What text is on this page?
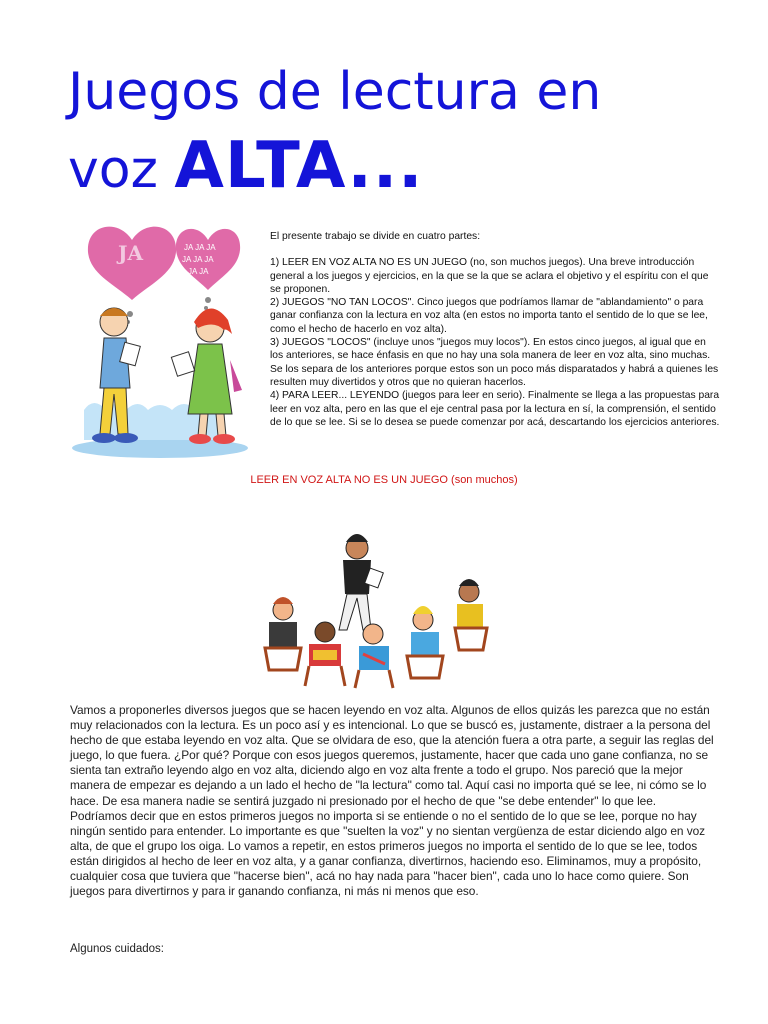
Juegos de lectura en
voz ALTA...
JA	JA JA JA
JA JA JA
JA JA

El presente trabajo se divide en cuatro partes:

1) LEER EN VOZ ALTA NO ES UN JUEGO (no, son muchos juegos). Una breve introducción general a los juegos y ejercicios, en la que se la que se aclara el objetivo y el espíritu con el que se proponen.

2) JUEGOS "NO TAN LOCOS". Cinco juegos que podríamos llamar de "ablandamiento" o para ganar confianza con la lectura en voz alta (en estos no importa tanto el sentido de lo que se lee, como el hecho de hacerlo en voz alta).

3) JUEGOS "LOCOS" (incluye unos "juegos muy locos"). En estos cinco juegos, al igual que en los anteriores, se hace énfasis en que no hay una sola manera de leer en voz alta, sino muchas. Se los separa de los anteriores porque estos son un poco más disparatados y habrá a quienes les resulten muy divertidos y otros que no quieran hacerlos.

4) PARA LEER... LEYENDO (juegos para leer en serio). Finalmente se llega a las propuestas para leer en voz alta, pero en las que el eje central pasa por la lectura en sí, la comprensión, el sentido de lo que se lee. Si se lo desea se puede comenzar por acá, descartando los ejercicios anteriores.

LEER EN VOZ ALTA NO ES UN JUEGO (son muchos)
Vamos a proponerles diversos juegos que se hacen leyendo en voz alta. Algunos de ellos quizás les parezca que no están muy relacionados con la lectura. Es un poco así y es intencional. Lo que se buscó es, justamente, distraer a la persona del hecho de que estaba leyendo en voz alta. Que se olvidara de eso, que la atención fuera a otra parte, a seguir las reglas del juego, lo que fuera. ¿Por qué? Porque con esos juegos queremos, justamente, hacer que cada uno gane confianza, no se sienta tan extraño leyendo algo en voz alta, diciendo algo en voz alta frente a todo el grupo. Nos pareció que la mejor manera de empezar es dejando a un lado el hecho de "la lectura" como tal. Aquí casi no importa qué se lee, ni cómo se lo hace. De esa manera nadie se sentirá juzgado ni presionado por el hecho de que "se debe entender" lo que lee. Podríamos decir que en estos primeros juegos no importa si se entiende o no el sentido de lo que se lee, porque no hay ningún sentido para entender. Lo importante es que "suelten la voz" y no sientan vergüenza de estar diciendo algo en voz alta, de que el grupo los oiga. Lo vamos a repetir, en estos primeros juegos no importa el sentido de lo que se lee, todos están dirigidos al hecho de leer en voz alta, y a ganar confianza, divertirnos, haciendo eso. Eliminamos, muy a propósito, cualquier cosa que tuviera que "hacerse bien", acá no hay nada para "hacer bien", cada uno lo hace como quiere. Son juegos para divertirnos y para ir ganando confianza, ni más ni menos que eso.
Algunos cuidados:
